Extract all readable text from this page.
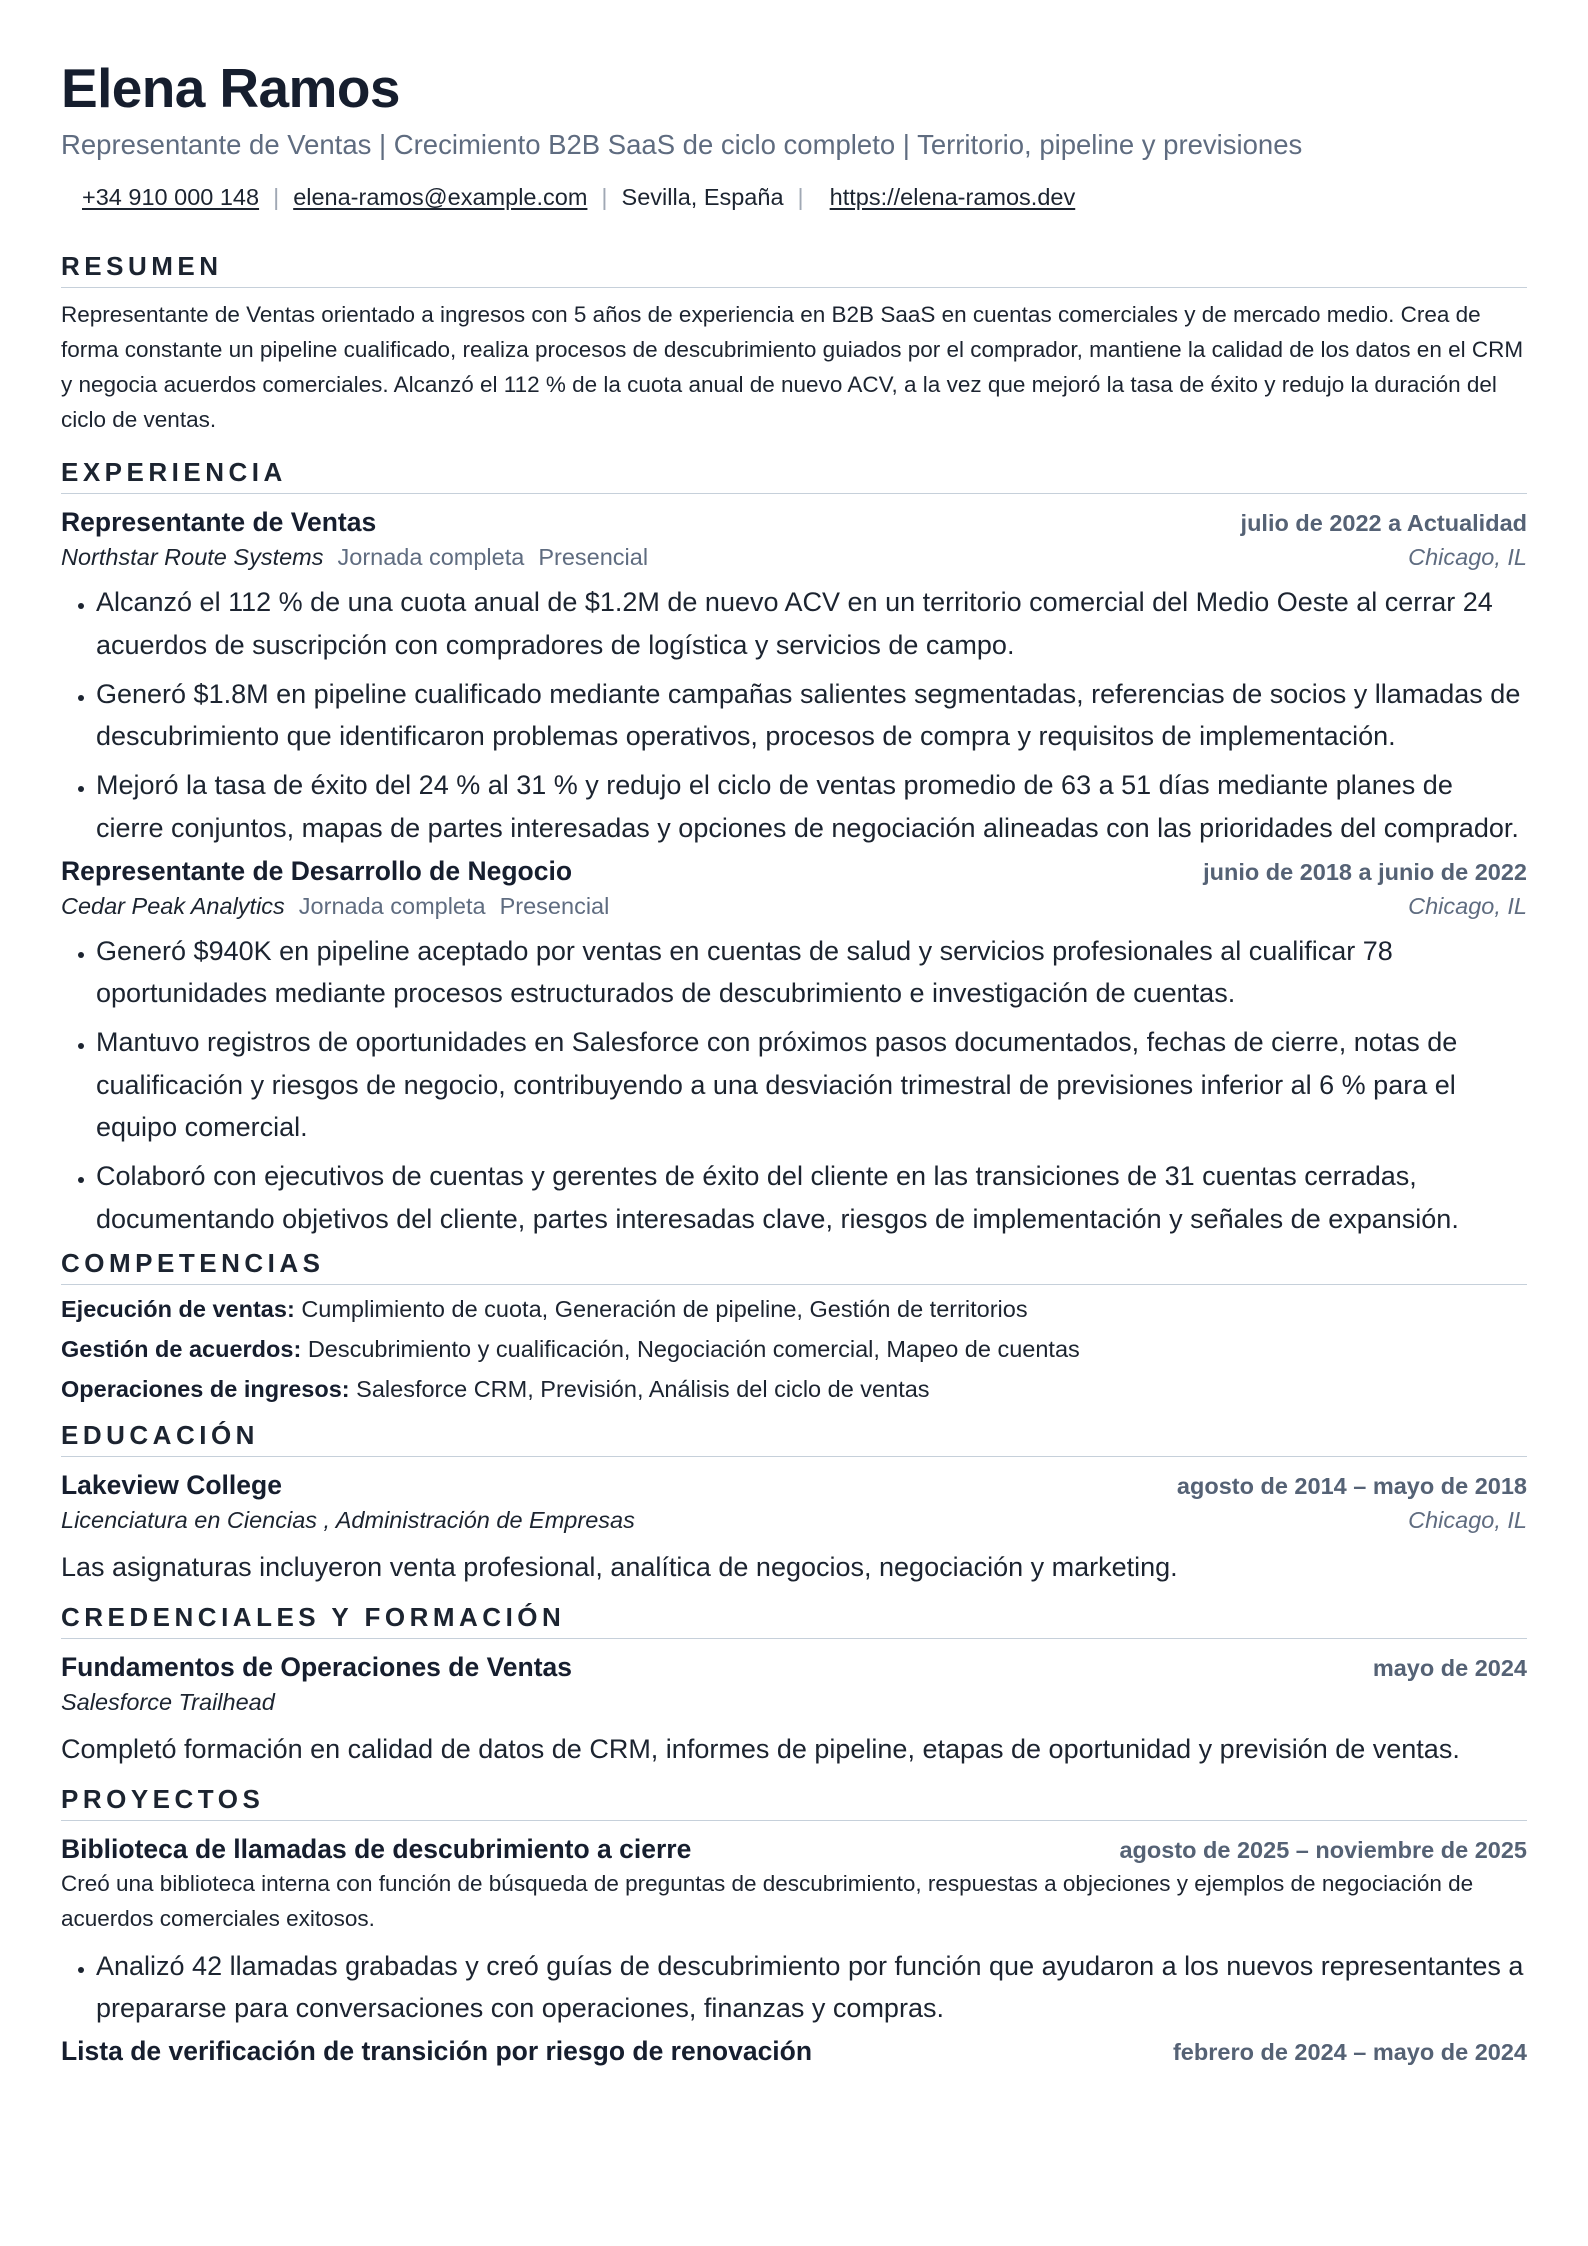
Elena Ramos
Representante de Ventas | Crecimiento B2B SaaS de ciclo completo | Territorio, pipeline y previsiones
+34 910 000 148 | elena-ramos@example.com | Sevilla, España | https://elena-ramos.dev
RESUMEN
Representante de Ventas orientado a ingresos con 5 años de experiencia en B2B SaaS en cuentas comerciales y de mercado medio. Crea de forma constante un pipeline cualificado, realiza procesos de descubrimiento guiados por el comprador, mantiene la calidad de los datos en el CRM y negocia acuerdos comerciales. Alcanzó el 112 % de la cuota anual de nuevo ACV, a la vez que mejoró la tasa de éxito y redujo la duración del ciclo de ventas.
EXPERIENCIA
Representante de Ventas	julio de 2022 a Actualidad
Northstar Route Systems Jornada completa Presencial	Chicago, IL
• Alcanzó el 112 % de una cuota anual de $1.2M de nuevo ACV en un territorio comercial del Medio Oeste al cerrar 24 acuerdos de suscripción con compradores de logística y servicios de campo.
• Generó $1.8M en pipeline cualificado mediante campañas salientes segmentadas, referencias de socios y llamadas de descubrimiento que identificaron problemas operativos, procesos de compra y requisitos de implementación.
• Mejoró la tasa de éxito del 24 % al 31 % y redujo el ciclo de ventas promedio de 63 a 51 días mediante planes de cierre conjuntos, mapas de partes interesadas y opciones de negociación alineadas con las prioridades del comprador.
Representante de Desarrollo de Negocio	junio de 2018 a junio de 2022
Cedar Peak Analytics Jornada completa Presencial	Chicago, IL
• Generó $940K en pipeline aceptado por ventas en cuentas de salud y servicios profesionales al cualificar 78 oportunidades mediante procesos estructurados de descubrimiento e investigación de cuentas.
• Mantuvo registros de oportunidades en Salesforce con próximos pasos documentados, fechas de cierre, notas de cualificación y riesgos de negocio, contribuyendo a una desviación trimestral de previsiones inferior al 6 % para el equipo comercial.
• Colaboró con ejecutivos de cuentas y gerentes de éxito del cliente en las transiciones de 31 cuentas cerradas, documentando objetivos del cliente, partes interesadas clave, riesgos de implementación y señales de expansión.
COMPETENCIAS
Ejecución de ventas: Cumplimiento de cuota, Generación de pipeline, Gestión de territorios
Gestión de acuerdos: Descubrimiento y cualificación, Negociación comercial, Mapeo de cuentas
Operaciones de ingresos: Salesforce CRM, Previsión, Análisis del ciclo de ventas
EDUCACIÓN
Lakeview College	agosto de 2014 – mayo de 2018
Licenciatura en Ciencias , Administración de Empresas	Chicago, IL
Las asignaturas incluyeron venta profesional, analítica de negocios, negociación y marketing.
CREDENCIALES Y FORMACIÓN
Fundamentos de Operaciones de Ventas	mayo de 2024
Salesforce Trailhead
Completó formación en calidad de datos de CRM, informes de pipeline, etapas de oportunidad y previsión de ventas.
PROYECTOS
Biblioteca de llamadas de descubrimiento a cierre	agosto de 2025 – noviembre de 2025
Creó una biblioteca interna con función de búsqueda de preguntas de descubrimiento, respuestas a objeciones y ejemplos de negociación de acuerdos comerciales exitosos.
• Analizó 42 llamadas grabadas y creó guías de descubrimiento por función que ayudaron a los nuevos representantes a prepararse para conversaciones con operaciones, finanzas y compras.
Lista de verificación de transición por riesgo de renovación	febrero de 2024 – mayo de 2024
